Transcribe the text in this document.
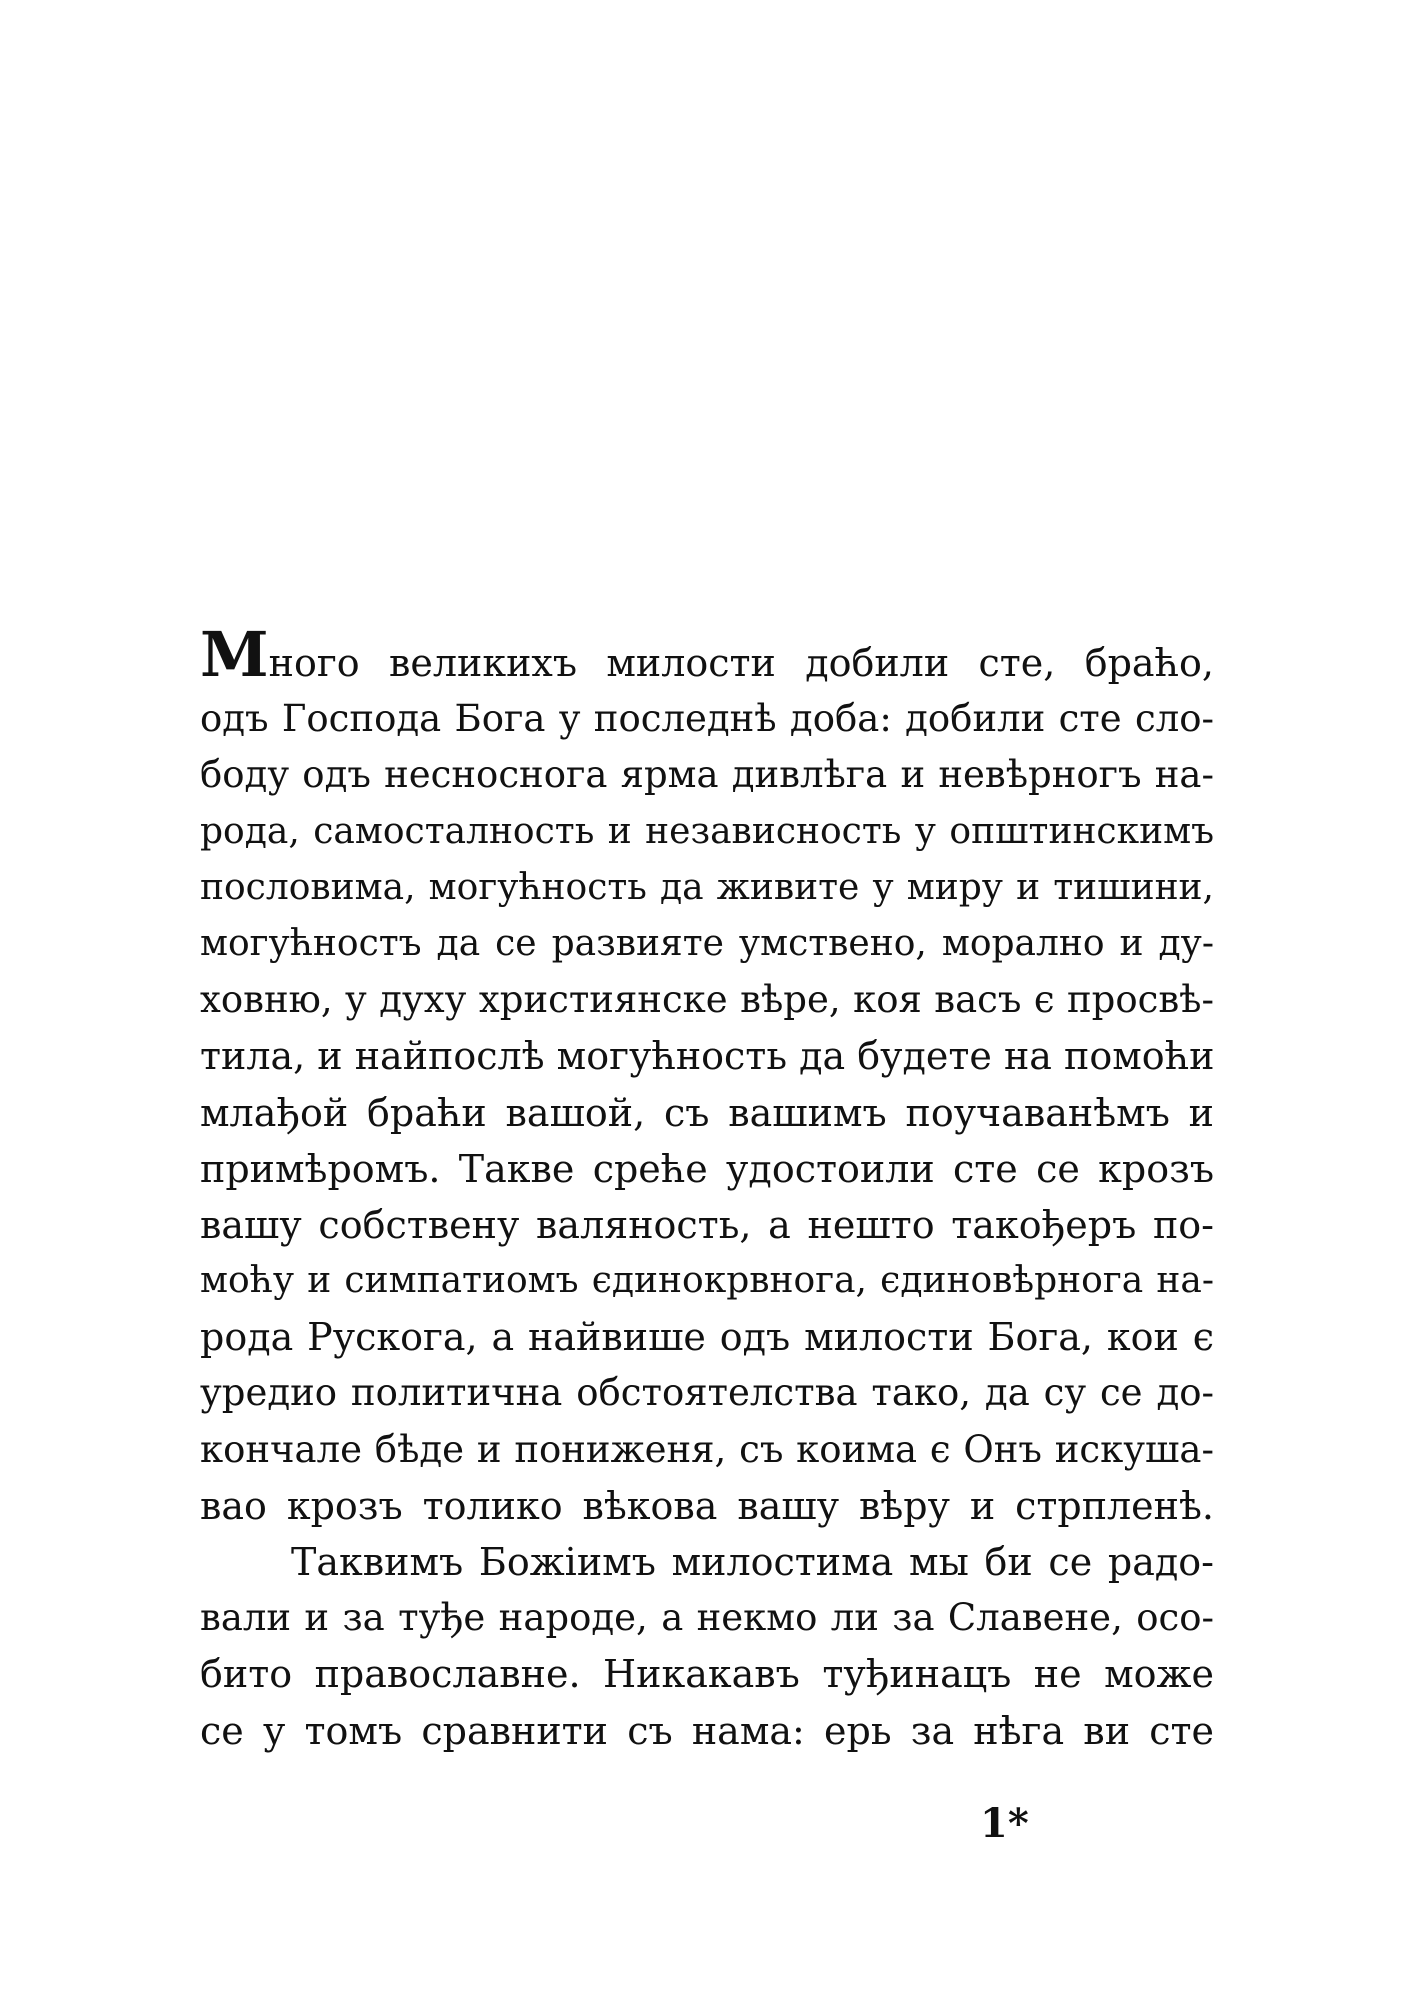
Много великихъ милости добили сте, браћо,
одъ Господа Бога у последнѣ доба: добили сте сло-
боду одъ несносногa ярма дивлѣга и невѣрногъ на-
рода, самосталность и независность у општинскимъ
пословима, могућность да живите у миру и тишини,
могућностъ да се развияте умствено, морално и ду-
ховню, у духу християнске вѣре, коя васъ є просвѣ-
тила, и найпослѣ могућность да будете на помоћи
млађой браћи вашой, съ вашимъ поучаванѣмъ и
примѣромъ. Такве среће удостоили сте се крозъ
вашу собствену валяность, а нешто такођеръ по-
моћу и симпатиомъ єдинокрвногa, єдиновѣрногa на-
рода Рускога, а найвише одъ милости Бога, кои є
уредио политична обстоятелства тако, да су се до-
кончале бѣде и пониженя, съ коима є Онъ искуша-
вао крозъ толико вѣкова вашу вѣру и стрпленѣ.
Таквимъ Божiимъ милостима мы би се радо-
вали и за туђе народе, а некмо ли за Славене, осо-
бито православне. Никакавъ туђинацъ не може
се у томъ сравнити съ нама: ерь за нѣга ви сте
1*
